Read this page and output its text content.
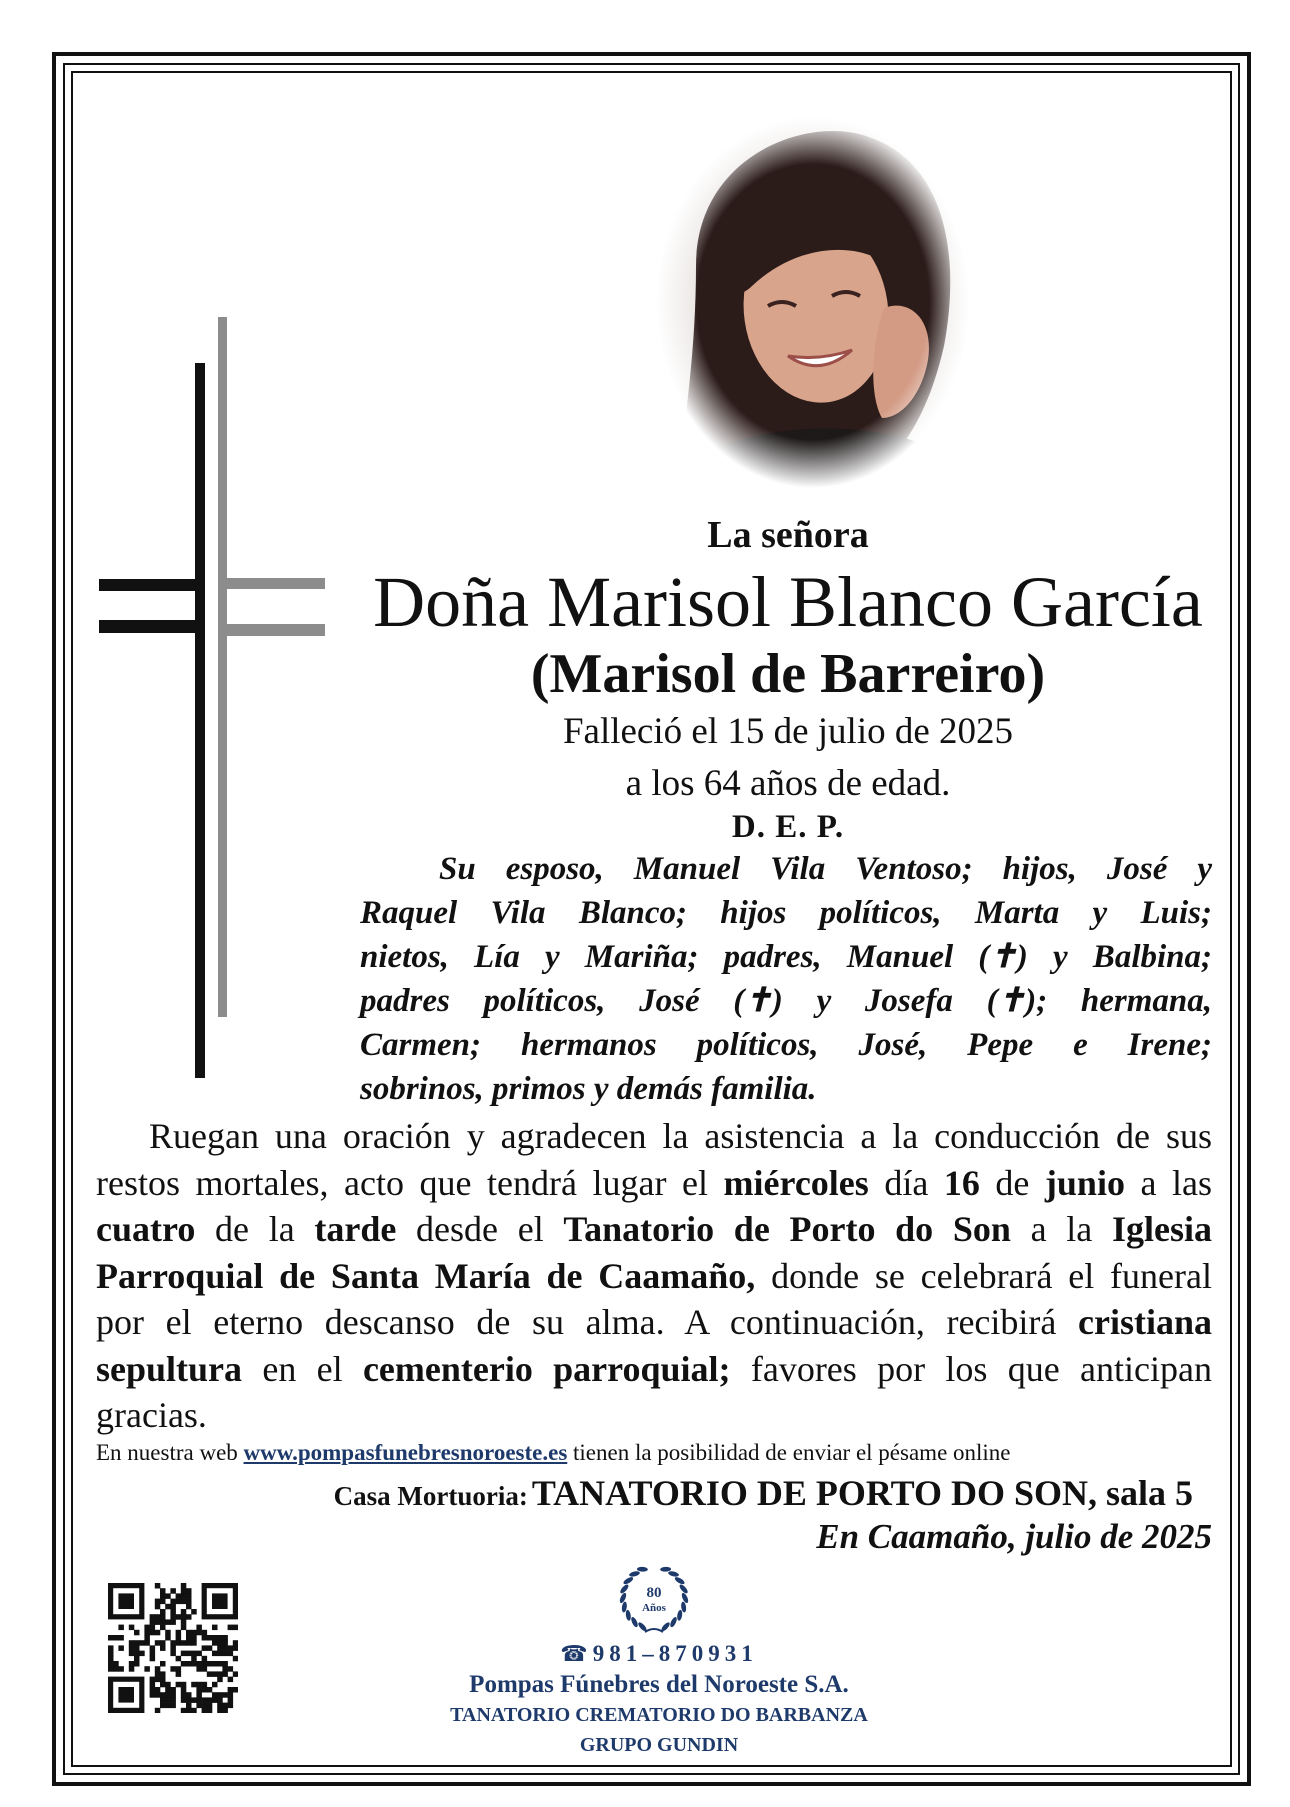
La señora
Doña Marisol Blanco García
(Marisol de Barreiro)
Falleció el 15 de julio de 2025
a los 64 años de edad.
D. E. P.
Su esposo, Manuel Vila Ventoso; hijos, José y
Raquel Vila Blanco; hijos políticos, Marta y Luis;
nietos, Lía y Mariña; padres, Manuel (✝) y Balbina;
padres políticos, José (✝) y Josefa (✝); hermana,
Carmen; hermanos políticos, José, Pepe e Irene;
sobrinos, primos y demás familia.
Ruegan una oración y agradecen la asistencia a la conducción de sus
restos mortales, acto que tendrá lugar el miércoles día 16 de junio a las
cuatro de la tarde desde el Tanatorio de Porto do Son a la Iglesia
Parroquial de Santa María de Caamaño, donde se celebrará el funeral
por el eterno descanso de su alma. A continuación, recibirá cristiana
sepultura en el cementerio parroquial; favores por los que anticipan
gracias.
En nuestra web www.pompasfunebresnoroeste.es tienen la posibilidad de enviar el pésame online
Casa Mortuoria: TANATORIO DE PORTO DO SON, sala 5
En Caamaño, julio de 2025
80
Años
☎ 981–870931
Pompas Fúnebres del Noroeste S.A.
TANATORIO CREMATORIO DO BARBANZA
GRUPO GUNDIN
